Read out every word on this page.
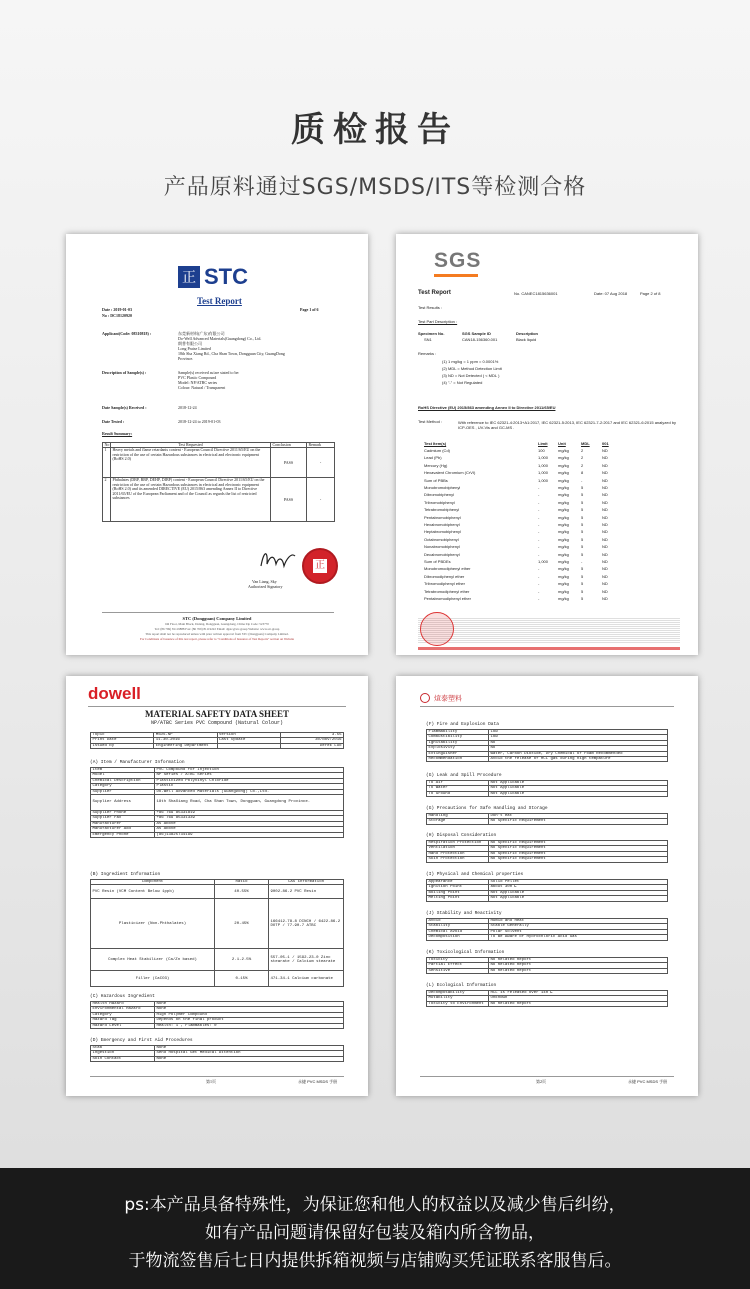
质检报告
产品原料通过SGS/MSDS/ITS等检测合格
正 STC
Test Report
Date : 2019-01-03
No : DC18120920
Page 1 of 6
Applicant(Code: 08310818) :	东莞新材料(广东)有限公司
Do-Well Advanced Materials(Guangdong) Co., Ltd.
朗普有限公司
Long Praise Limited
18th Sha Xiang Rd., Cha Shan Town, Dongguan City, GuangDong
Province.
Description of Sample(s) :	Sample(s) received as/are stated to be:
PVC Plastic Compound
Model: NP/ATBC series
Colour: Natural / Transparent
Date Sample(s) Received :	2018-12-24
Date Tested :	2018-12-24 to 2019-01-03
Result Summary:
No	Test Requested	Conclusion	Remark
1	Heavy metals and flame retardants content - European Council Directive 2011/65/EU on the restriction of the use of certain Hazardous substances in electrical and electronic equipment (RoHS 2.0)	PASS	-
2	Phthalates (DBP, BBP, DEHP, DIBP) content - European Council Directive 2011/65/EU on the restriction of the use of certain Hazardous substances in electrical and electronic equipment (RoHS 2.0) and its amended DIRECTIVE (EU) 2015/863 amending Annex II to Directive 2011/65/EU of the European Parliament and of the Council as regards the list of restricted substances	PASS	-
正
Van Liang, Sky
Authorized Signatory
STC (Dongguan) Company Limited
6th Floor, Main Block, Dalang, Dongguan, Guangdong, China Zip Code: 523770
Tel: (86 769) 81119888 Fax: (86 769) 81119222 Email: dgstc@stc.group Website: www.stc.group
This report shall not be reproduced unless with prior written approval from STC (Dongguan) Company Limited.
For Conditions of Issuance of this test report, please refer to "Conditions of Issuance of Test Reports" section on Website
SGS
Test Report	No. CANEC1815636001	Date: 07 Aug 2018	Page 2 of 8
Test Results :
Test Part Description :
Specimen No.	SGS Sample ID	Description
SN1	CAN18-156360.001	Black liquid
Remarks :
(1) 1 mg/kg = 1 ppm = 0.0001%
(2) MDL = Method Detection Limit
(3) ND = Not Detected ( < MDL )
(4) "-" = Not Regulated
RoHS Directive (EU) 2015/863 amending Annex II to Directive 2011/65/EU
Test Method :	With reference to IEC 62321-4:2013+A1:2017, IEC 62321-5:2013, IEC 62321-7-2:2017 and IEC 62321-6:2015 analyzed by ICP-OES , UV-Vis and GC-MS .
Test Item(s)	Limit	Unit	MDL	001
Cadmium (Cd)	100	mg/kg	2	ND
Lead (Pb)	1,000 mg/kg	2	ND
Mercury (Hg)	1,000 mg/kg	2	ND
Hexavalent Chromium (CrVI)	1,000 mg/kg	8	ND
Sum of PBBs	1,000 mg/kg	-	ND
Monobromobiphenyl	-	mg/kg	5	ND
Dibromobiphenyl	-	mg/kg	5	ND
Tribromobiphenyl	-	mg/kg	5	ND
Tetrabromobiphenyl	-	mg/kg	5	ND
Pentabromobiphenyl	-	mg/kg	5	ND
Hexabromobiphenyl	-	mg/kg	5	ND
Heptabromobiphenyl	-	mg/kg	5	ND
Octabromobiphenyl	-	mg/kg	5	ND
Nonabromobiphenyl	-	mg/kg	5	ND
Decabromobiphenyl	-	mg/kg	5	ND
Sum of PBDEs	1,000 mg/kg	-	ND
Monobromodiphenyl ether	-	mg/kg	5	ND
Dibromodiphenyl ether	-	mg/kg	5	ND
Tribromodiphenyl ether	-	mg/kg	5	ND
Tetrabromodiphenyl ether	-	mg/kg	5	ND
Pentabromodiphenyl ether	-	mg/kg	5	ND
dowell
MATERIAL SAFETY DATA SHEET
NP/ATBC Series PVC Compound (Natural Colour)
Topic	MSDS-NP	Version	3.55
Print Date	11-30-2016	Last Update	30/Nov/2016
Issued by	Engineering Department		Derek Luo
(A) Item / Manufacturer Information
Item	PVC Compound for Injection
Model	NP Series / ATBC Series
Chemical Description	Plasticized Polyvinyl Chloride
Category	Plastic
Supplier	Do-Well Advanced Materials (GuangDong) Co.,Ltd.
Supplier Address	18th ShaXiang Road, Cha Shan Town, Dongguan, Guangdong Province.
Supplier Phone	+86 769 85331819
Supplier Fax	+86 769 85331339
Manufacturer	As Above
Manufacturer Add	As Above
Emergency Phone	(86)13825734199
(B) Ingredient Information
Component	Ratio	CAS information
PVC Resin (VCM Content Below 1ppb)	40-55%	9002-86-2 PVC Resin
Plasticizer (Non-Phthalates)	20-45%	166412-78-8 DINCH / 6422-86-2 DOTP / 77-90-7 ATBC
Complex Heat Stabilizer (Ca/Zn based)	2.1-2.5%	557-05-1 / 1592-23-0 Zinc stearate / Calcium stearate
Filler (CaCO3)	0-15%	471-34-1 Calcium carbonate
(C) Hazardous Ingredient
Health Hazard	None
Environmental Hazard	None
Category	High Polymer Compound
Hazard Tag	Depends on the final product
Hazard Level	Health: 1 , Flammables: 0
(D) Emergency and First Aid Procedures
Stab	None
Ingestion	Send Hospital Get Medical Attention
Skin Contact	None
第1页	永捷 PVC MSDS 手册
煊泰塑料
(F) Fire and Explosion Data
Flammability	Low
Combustibility	Low
Ignitability	No
Explosivity	No
Extinguisher	Water, Carbon Dioxide, Dry Chemical or Foam Recommended
Recommendation	Avoid the release of HCL gas during high tempature
(G) Leak and Spill Procedure
To Air	Not Applicable
To Water	Not Applicable
To Ground	Not Applicable
(G) Precautions for Safe Handling and Storage
Handling	Don't eat
Storage	No Specific Requirement
(H) Disposal Consideration
Respiration Protection	No Specific Requirement
Ventilation	No Specific Requirement
Hand Protection	No Specific Requirement
Skin Protection	No Specific Requirement
(I) Physical and Chemical properties
Appearance	Solid Pellet
Ignition Point	about 300℃
Boiling Point	Not Applicable
Melting Point	Not Applicable
(J) Stability and Reactivity
Avoid	Humid and Heat
Stability	Stable Generally
Chemical Avoid	Polar Solvent
Decomposition	To Be Aware of Hydrochloric Acid Gas
(K) Toxicological Information
Toxicity	No Related Report
Partial Effect	No Related Report
Sensitive	No Related Report
(L) Ecological Information
Decomposability	HCL is released over 140℃
Mutability	Unknown
Toxicity to Environment	No Related Report
第2页	永捷 PVC MSDS 手册
ps:本产品具备特殊性，为保证您和他人的权益以及减少售后纠纷，
如有产品问题请保留好包装及箱内所含物品，
于物流签售后七日内提供拆箱视频与店铺购买凭证联系客服售后。
